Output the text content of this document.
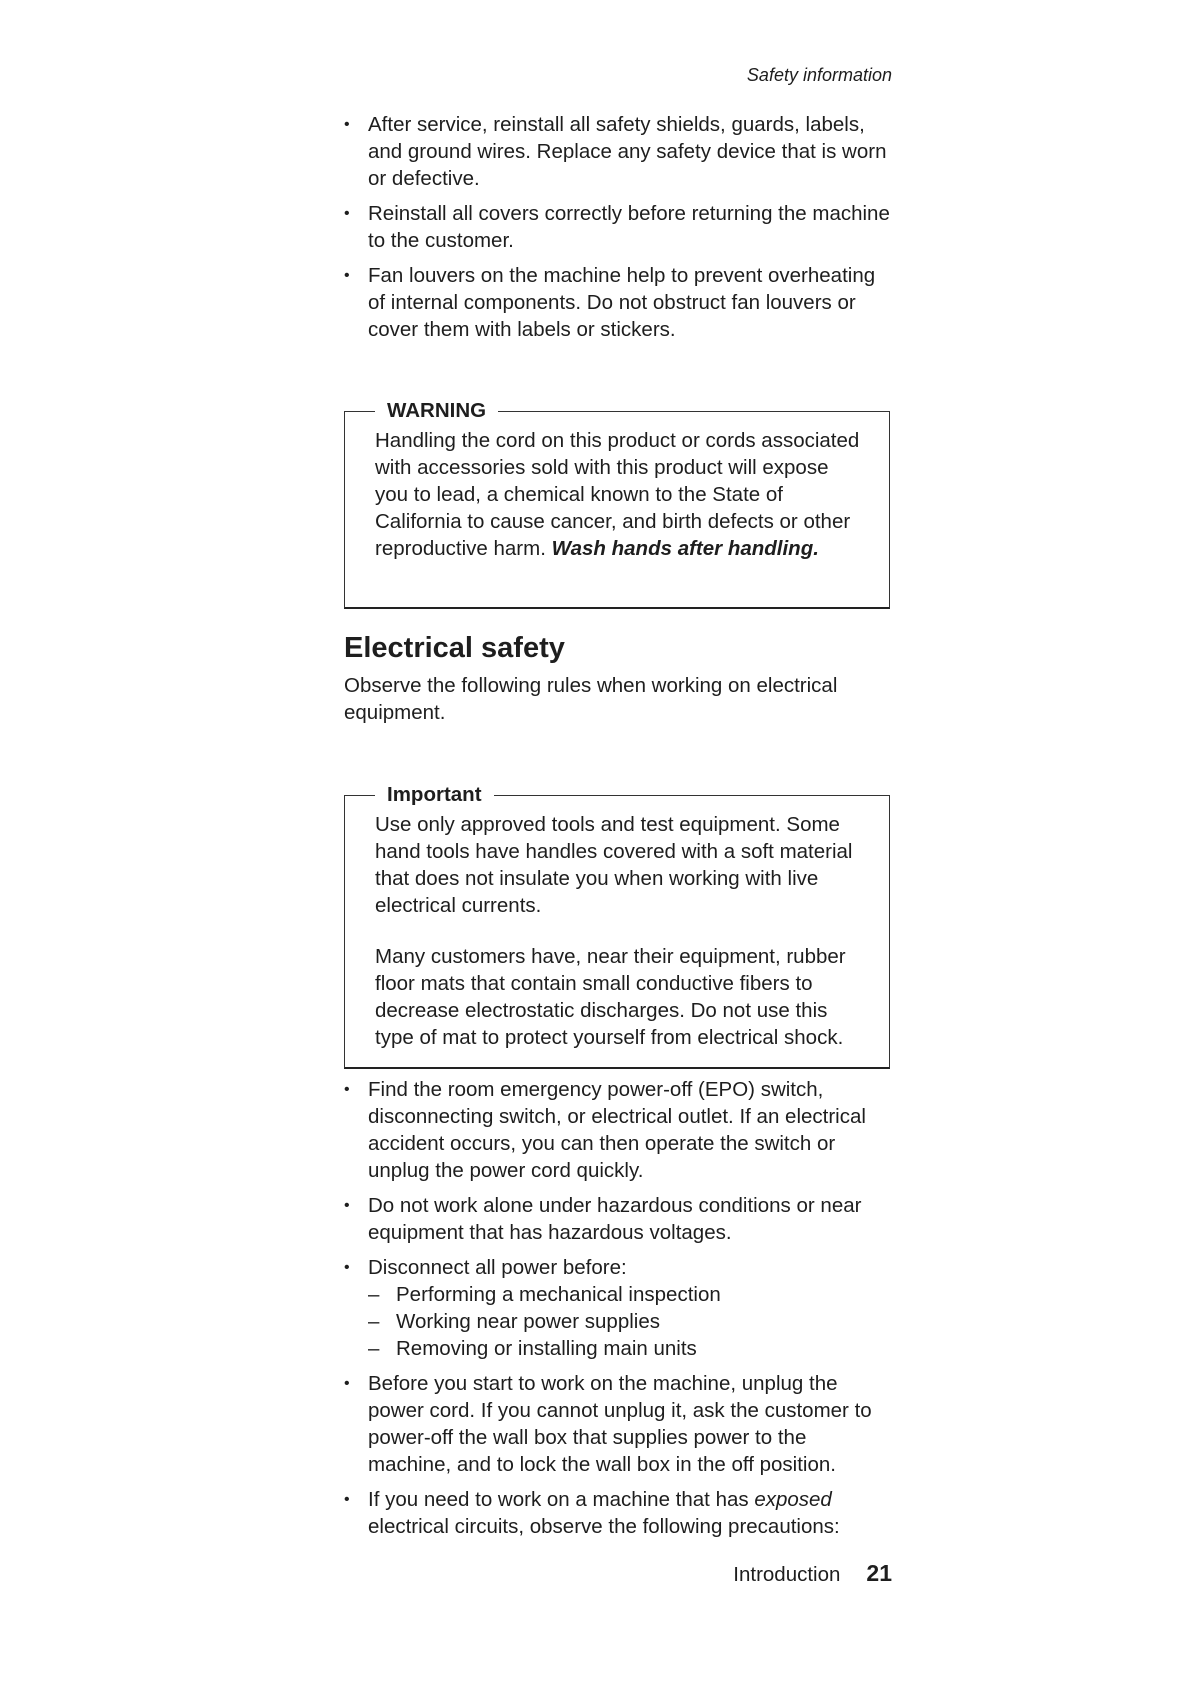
Safety information
• After service, reinstall all safety shields, guards, labels, and ground wires. Replace any safety device that is worn or defective.
• Reinstall all covers correctly before returning the machine to the customer.
• Fan louvers on the machine help to prevent overheating of internal components. Do not obstruct fan louvers or cover them with labels or stickers.
WARNING

Handling the cord on this product or cords associated with accessories sold with this product will expose you to lead, a chemical known to the State of California to cause cancer, and birth defects or other reproductive harm. Wash hands after handling.

Electrical safety

Observe the following rules when working on electrical equipment.

Important

Use only approved tools and test equipment. Some hand tools have handles covered with a soft material that does not insulate you when working with live electrical currents.

Many customers have, near their equipment, rubber floor mats that contain small conductive fibers to decrease electrostatic discharges. Do not use this type of mat to protect yourself from electrical shock.

• Find the room emergency power-off (EPO) switch, disconnecting switch, or electrical outlet. If an electrical accident occurs, you can then operate the switch or unplug the power cord quickly.
• Do not work alone under hazardous conditions or near equipment that has hazardous voltages.
• Disconnect all power before:
– Performing a mechanical inspection
– Working near power supplies
– Removing or installing main units
• Before you start to work on the machine, unplug the power cord. If you cannot unplug it, ask the customer to power-off the wall box that supplies power to the machine, and to lock the wall box in the off position.
• If you need to work on a machine that has exposed electrical circuits, observe the following precautions:
Introduction 21
